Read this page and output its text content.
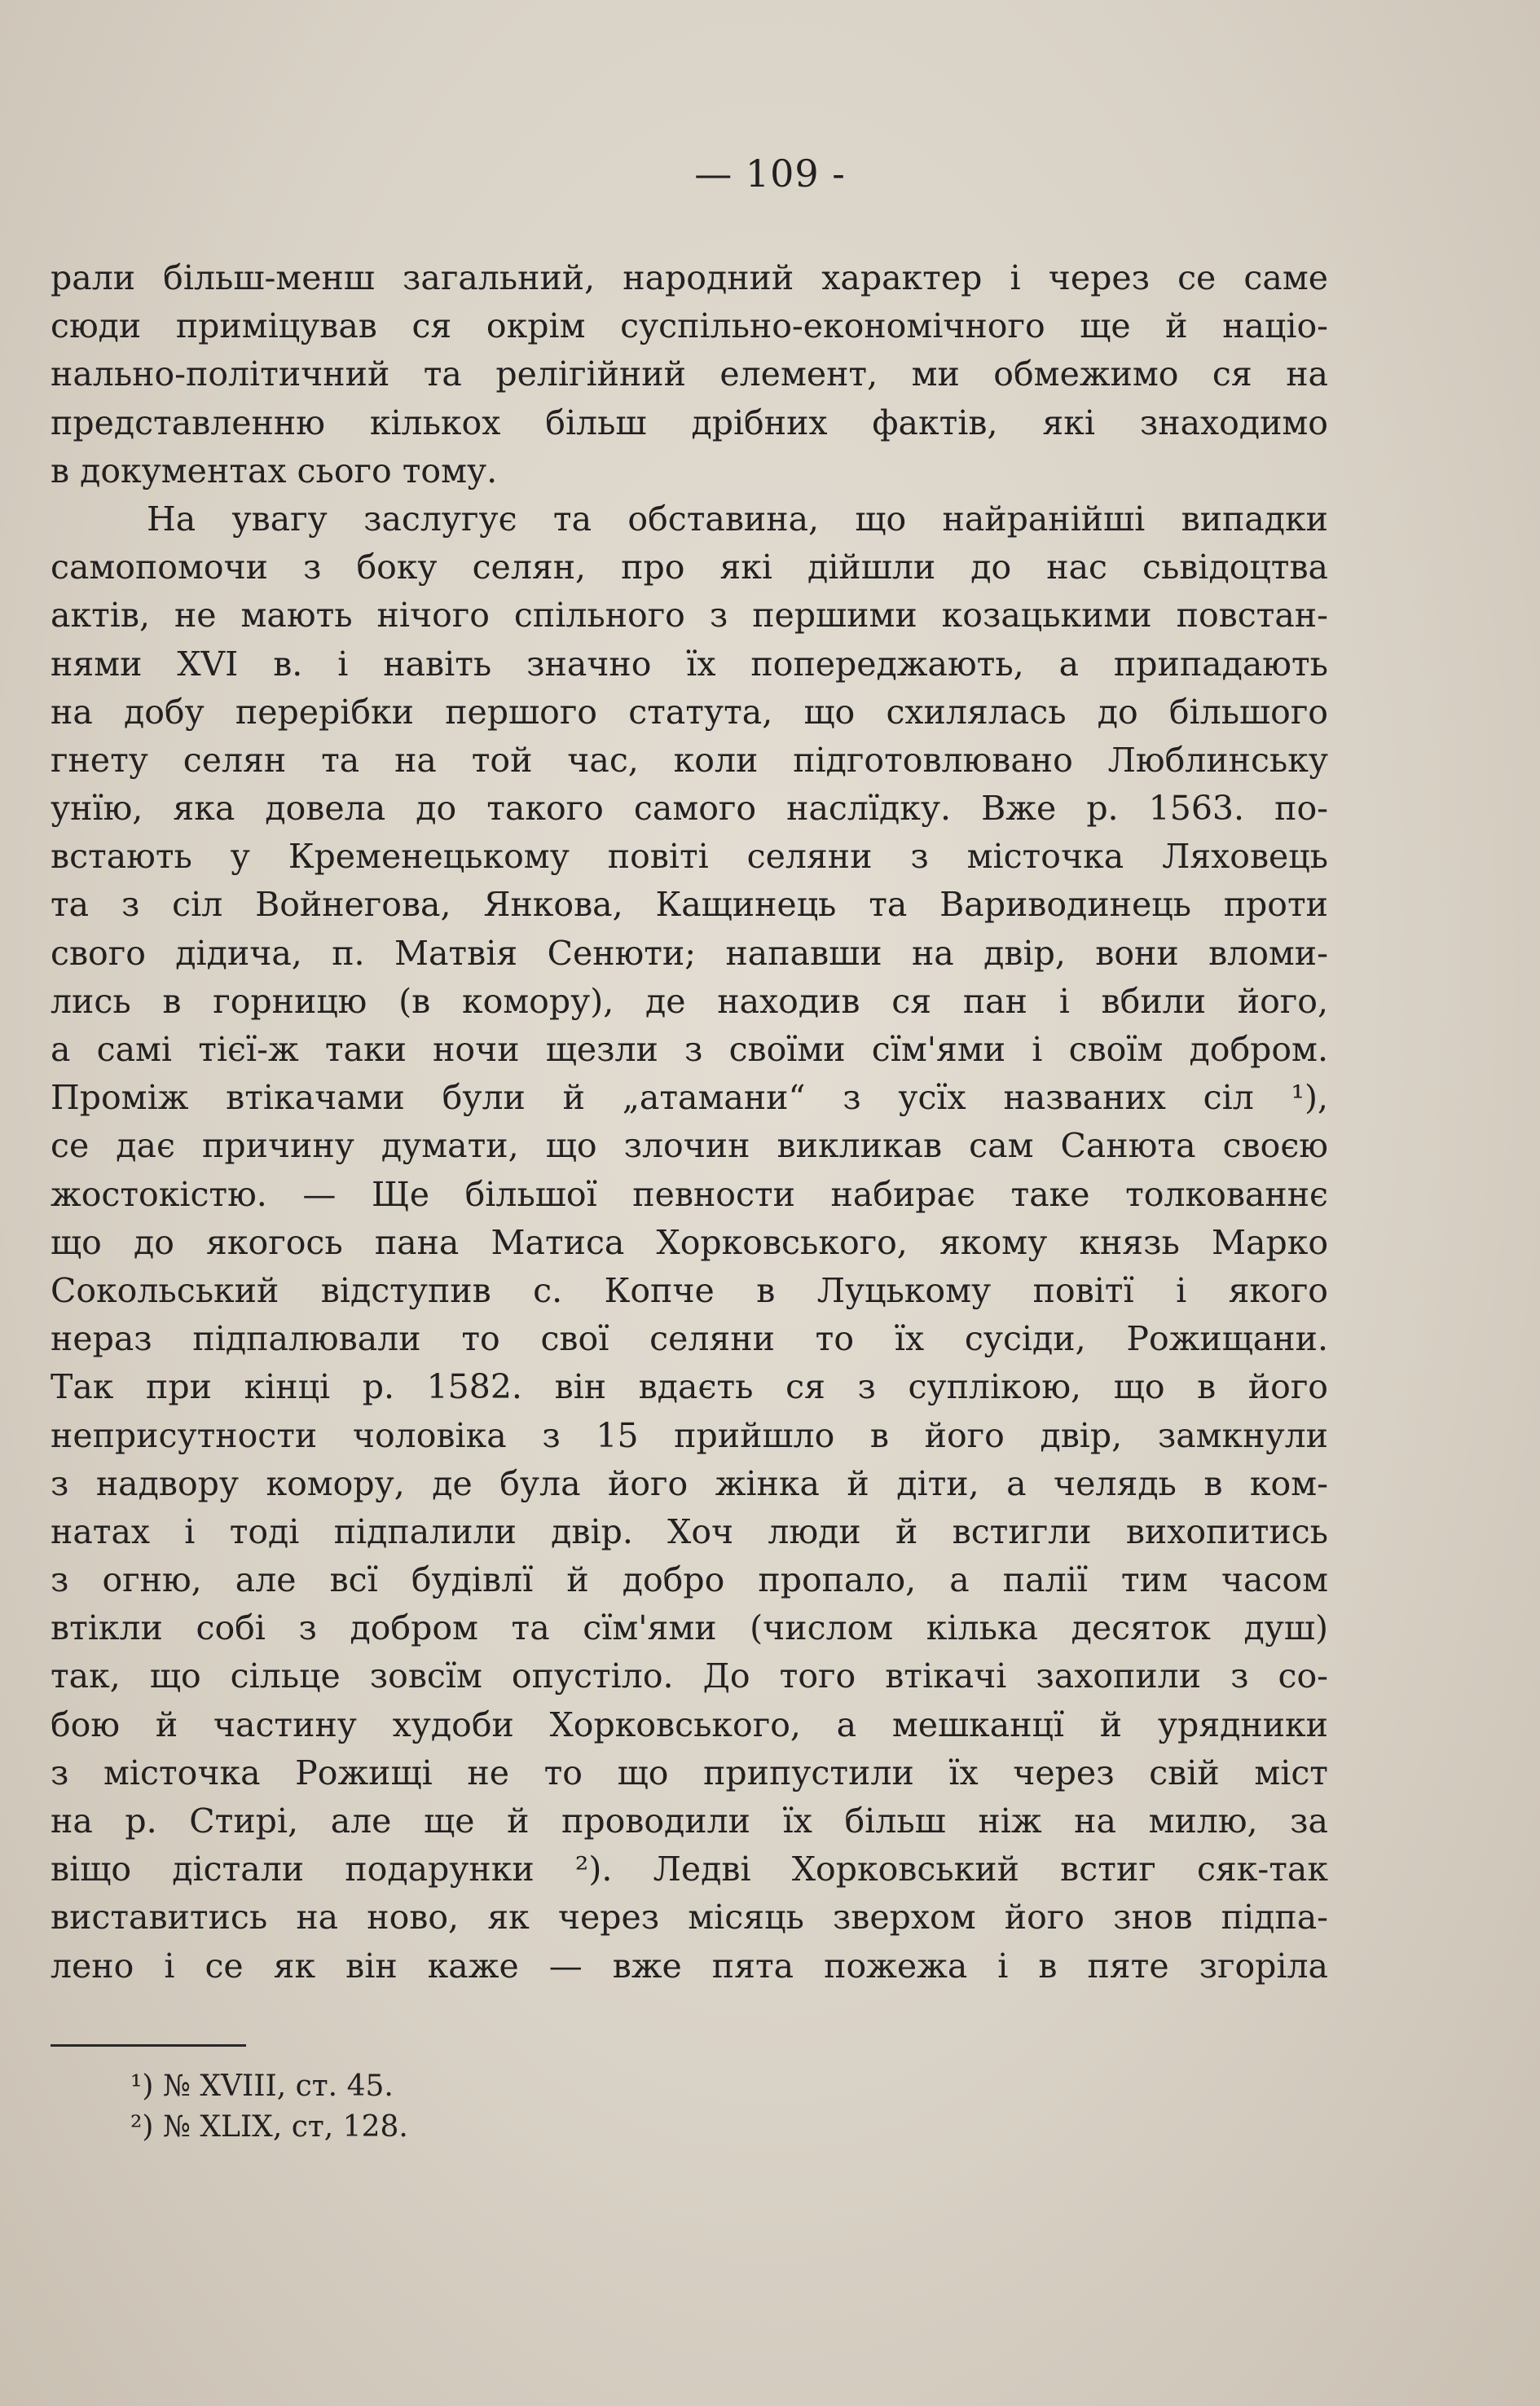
— 109 -
рали більш-менш загальний, народний характер і через се саме
сюди приміцував ся окрім суспільно-економічного ще й націо-
нально-політичний та релігійний елемент, ми обмежимо ся на
представленню кількох більш дрібних фактів, які знаходимо
в документах сього тому.
На увагу заслугує та обставина, що найранійші випадки
самопомочи з боку селян, про які дійшли до нас сьвідоцтва
актів, не мають нічого спільного з першими козацькими повстан-
нями XVI в. і навіть значно їх попереджають, а припадають
на добу перерібки першого статута, що схилялась до більшого
гнету селян та на той час, коли підготовлювано Люблинську
унїю, яка довела до такого самого наслїдку. Вже р. 1563. по-
встають у Кременецькому повіті селяни з місточка Ляховець
та з сіл Войнегова, Янкова, Кащинець та Вариводинець проти
свого дідича, п. Матвія Сенюти; напавши на двір, вони вломи-
лись в горницю (в комору), де находив ся пан і вбили його,
а самі тієї-ж таки ночи щезли з своїми сїм'ями і своїм добром.
Проміж втікачами були й „атамани“ з усїх названих сіл ¹),
се дає причину думати, що злочин викликав сам Санюта своєю
жостокістю. — Ще більшої певности набирає таке толкованнє
що до якогось пана Матиса Хорковського, якому князь Марко
Сокольський відступив с. Копче в Луцькому повітї і якого
нераз підпалювали то свої селяни то їх сусіди, Рожищани.
Так при кінці р. 1582. він вдаєть ся з суплікою, що в його
неприсутности чоловіка з 15 прийшло в його двір, замкнули
з надвору комору, де була його жінка й діти, а челядь в ком-
натах і тоді підпалили двір. Хоч люди й встигли вихопитись
з огню, але всї будівлї й добро пропало, а палії тим часом
втікли собі з добром та сїм'ями (числом кілька десяток душ)
так, що сільце зовсїм опустіло. До того втікачі захопили з со-
бою й частину худоби Хорковського, а мешканцї й урядники
з місточка Рожищі не то що припустили їх через свій міст
на р. Стирі, але ще й проводили їх більш ніж на милю, за
віщо дістали подарунки ²). Ледві Хорковський встиг сяк-так
виставитись на ново, як через місяць зверхом його знов підпа-
лено і се як він каже — вже пята пожежа і в пяте згоріла
¹) № XVIII, ст. 45.
²) № XLIX, ст, 128.
